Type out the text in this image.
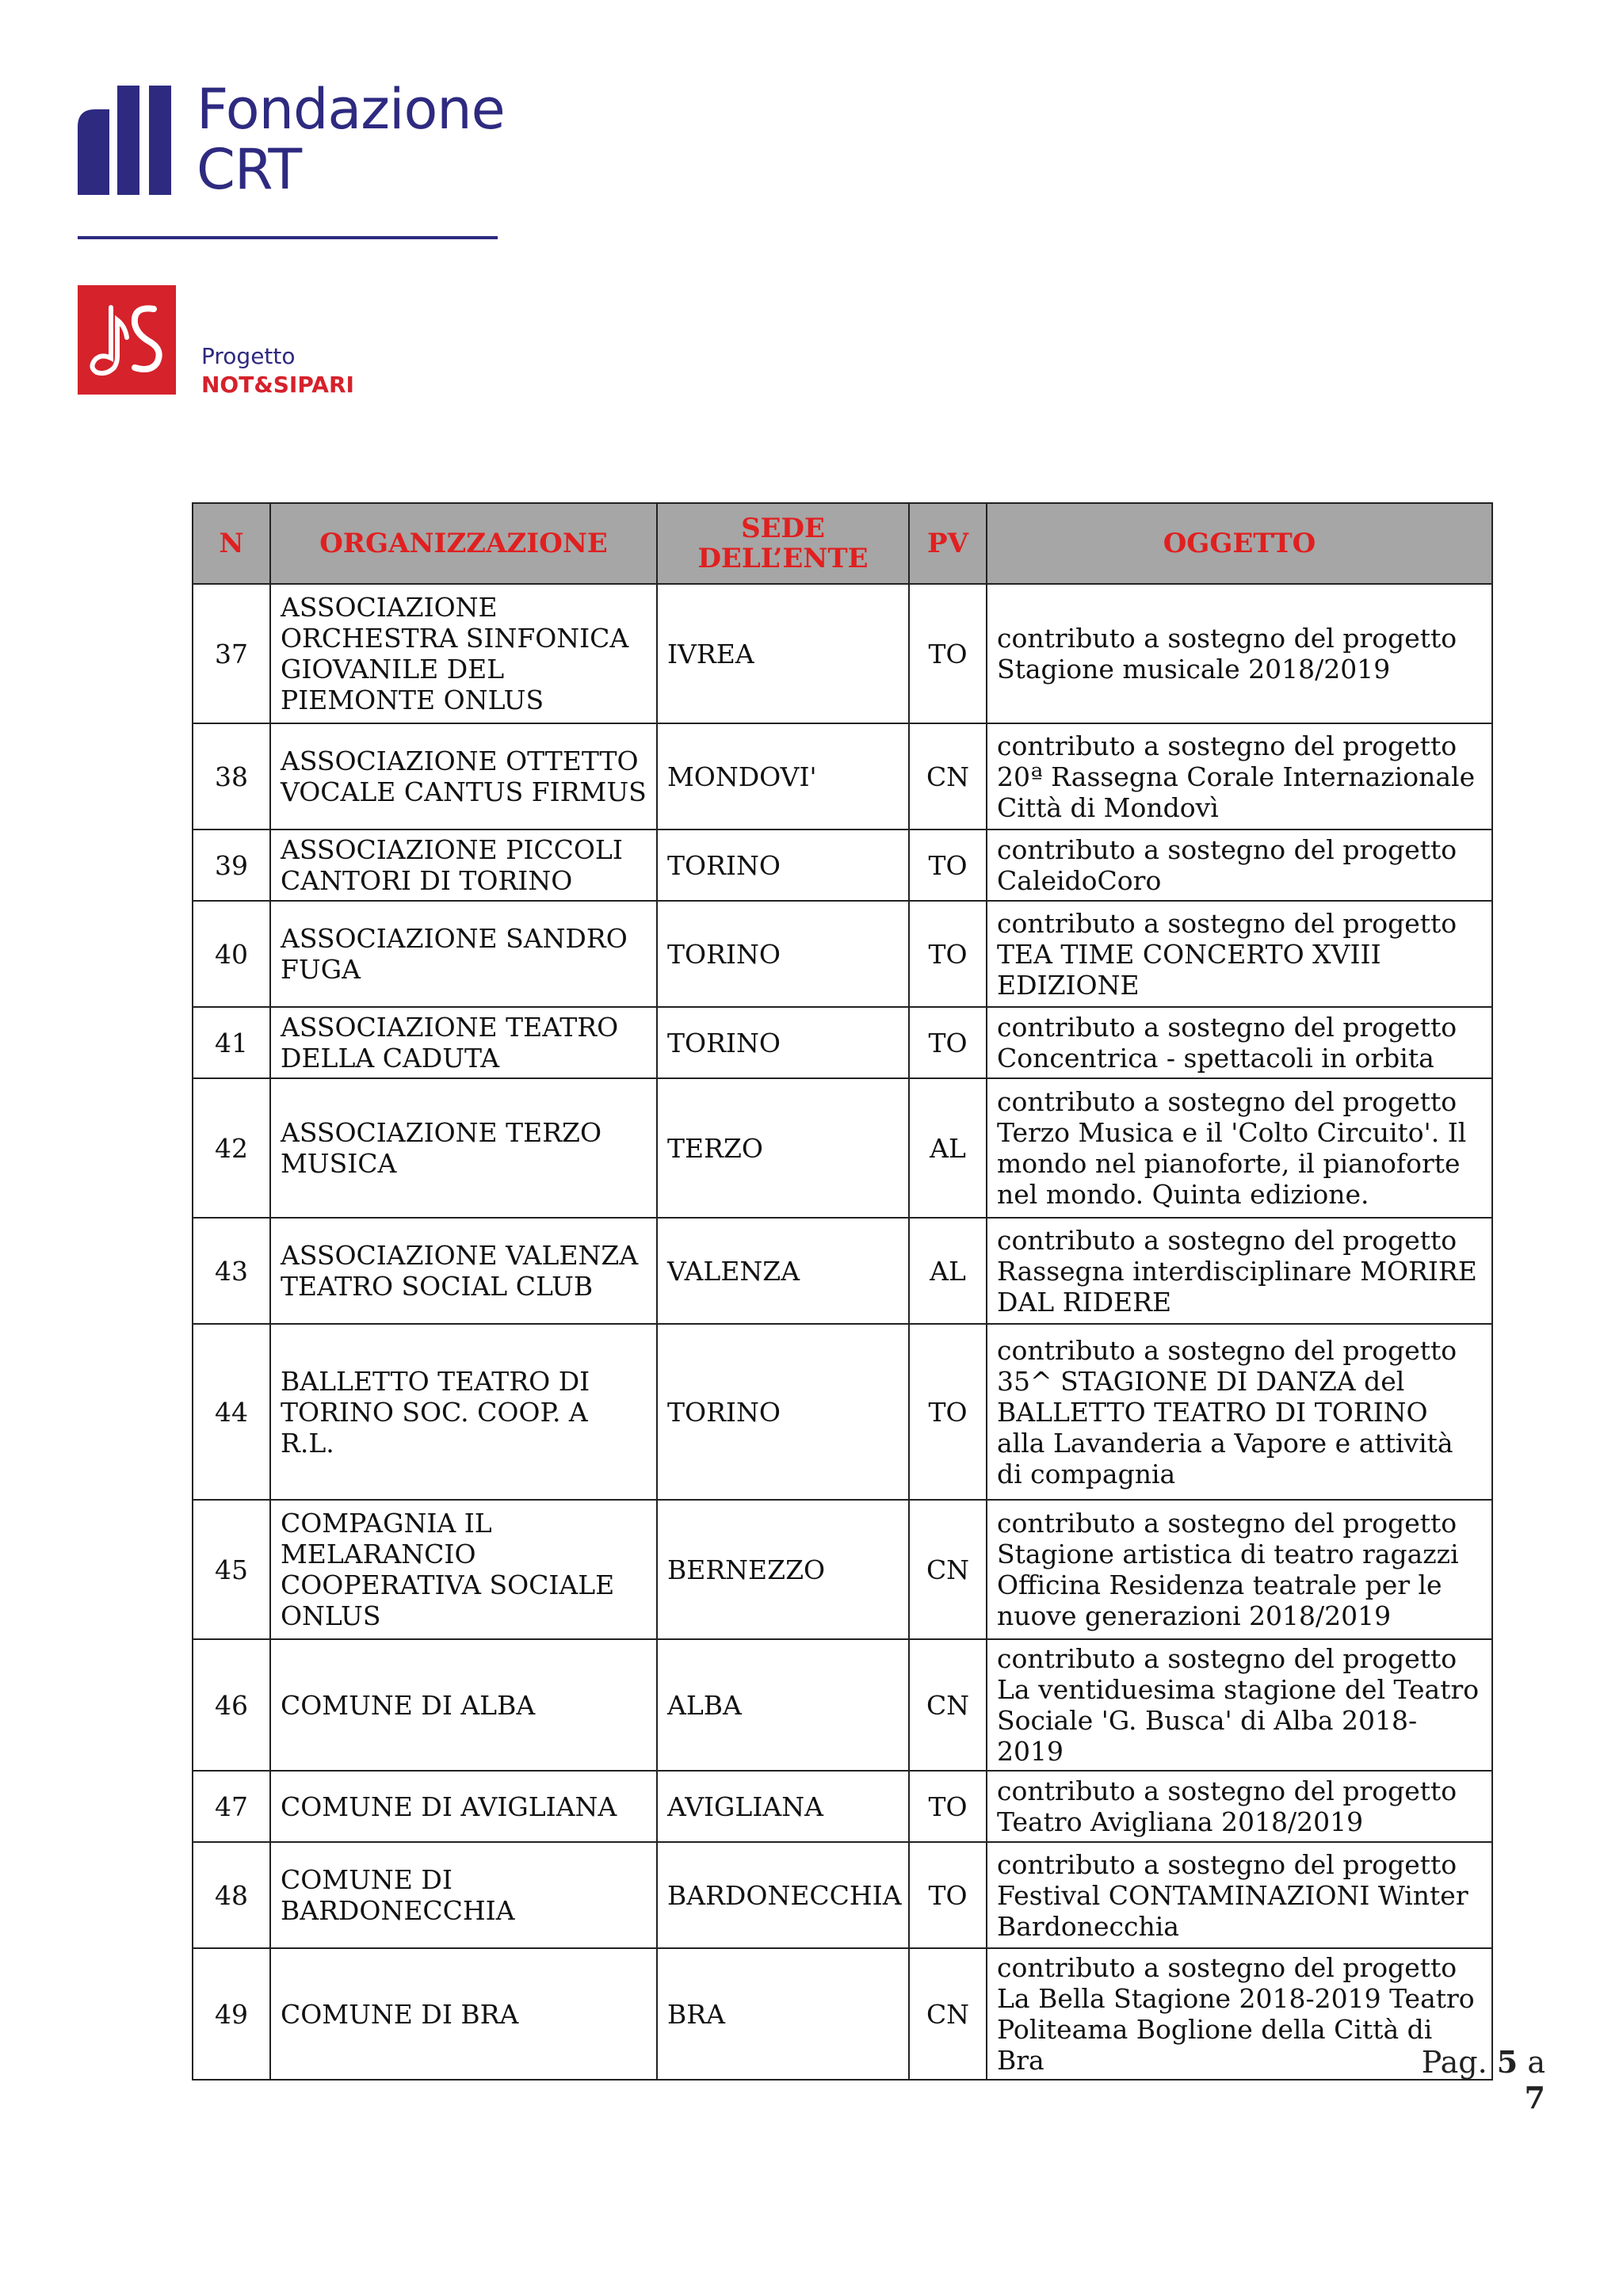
Fondazione
CRT
Progetto
NOT&SIPARI
N	ORGANIZZAZIONE	SEDE DELL’ENTE	PV	OGGETTO
37	ASSOCIAZIONE ORCHESTRA SINFONICA GIOVANILE DEL PIEMONTE ONLUS	IVREA	TO	contributo a sostegno del progetto Stagione musicale 2018/2019
38	ASSOCIAZIONE OTTETTO VOCALE CANTUS FIRMUS	MONDOVI'	CN	contributo a sostegno del progetto 20ª Rassegna Corale Internazionale Città di Mondovì
39	ASSOCIAZIONE PICCOLI CANTORI DI TORINO	TORINO	TO	contributo a sostegno del progetto CaleidoCoro
40	ASSOCIAZIONE SANDRO FUGA	TORINO	TO	contributo a sostegno del progetto TEA TIME CONCERTO XVIII EDIZIONE
41	ASSOCIAZIONE TEATRO DELLA CADUTA	TORINO	TO	contributo a sostegno del progetto Concentrica - spettacoli in orbita
42	ASSOCIAZIONE TERZO MUSICA	TERZO	AL	contributo a sostegno del progetto Terzo Musica e il 'Colto Circuito'. Il mondo nel pianoforte, il pianoforte nel mondo. Quinta edizione.
43	ASSOCIAZIONE VALENZA TEATRO SOCIAL CLUB	VALENZA	AL	contributo a sostegno del progetto Rassegna interdisciplinare MORIRE DAL RIDERE
44	BALLETTO TEATRO DI TORINO SOC. COOP. A R.L.	TORINO	TO	contributo a sostegno del progetto 35^ STAGIONE DI DANZA del BALLETTO TEATRO DI TORINO alla Lavanderia a Vapore e attività di compagnia
45	COMPAGNIA IL MELARANCIO COOPERATIVA SOCIALE ONLUS	BERNEZZO	CN	contributo a sostegno del progetto Stagione artistica di teatro ragazzi Officina Residenza teatrale per le nuove generazioni 2018/2019
46	COMUNE DI ALBA	ALBA	CN	contributo a sostegno del progetto La ventiduesima stagione del Teatro Sociale 'G. Busca' di Alba 2018-2019
47	COMUNE DI AVIGLIANA	AVIGLIANA	TO	contributo a sostegno del progetto Teatro Avigliana 2018/2019
48	COMUNE DI BARDONECCHIA	BARDONECCHIA	TO	contributo a sostegno del progetto Festival CONTAMINAZIONI Winter Bardonecchia
49	COMUNE DI BRA	BRA	CN	contributo a sostegno del progetto La Bella Stagione 2018-2019 Teatro Politeama Boglione della Città di Bra	Pag. 5 a 7
